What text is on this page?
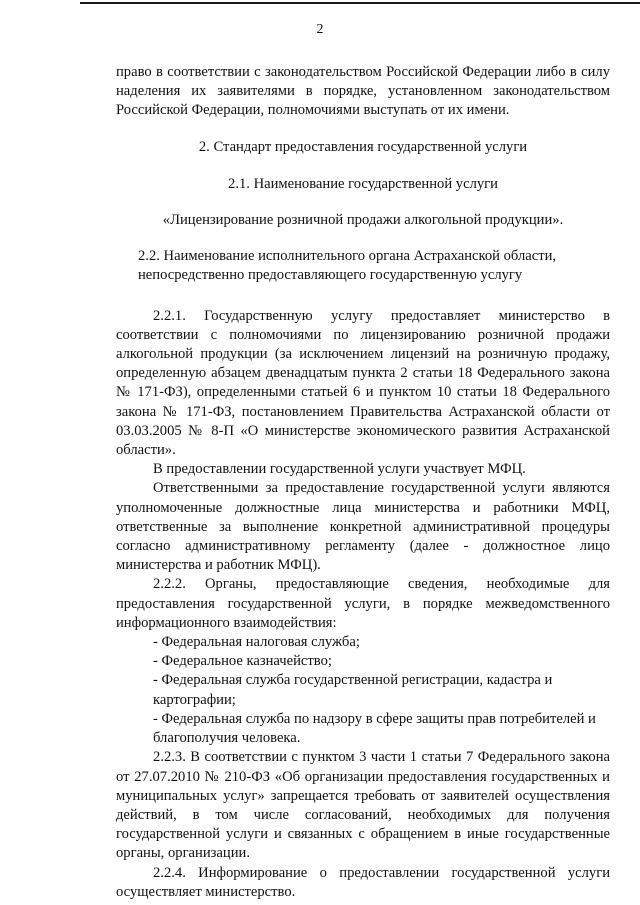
2

право в соответствии с законодательством Российской Федерации либо в силу наделения их заявителями в порядке, установленном законодательством Российской Федерации, полномочиями выступать от их имени.

2. Стандарт предоставления государственной услуги

2.1. Наименование государственной услуги

«Лицензирование розничной продажи алкогольной продукции».

2.2. Наименование исполнительного органа Астраханской области,
непосредственно предоставляющего государственную услугу

2.2.1. Государственную услугу предоставляет министерство в соответствии с полномочиями по лицензированию розничной продажи алкогольной продукции (за исключением лицензий на розничную продажу, определенную абзацем двенадцатым пункта 2 статьи 18 Федерального закона № 171-ФЗ), определенными статьей 6 и пунктом 10 статьи 18 Федерального закона № 171-ФЗ, постановлением Правительства Астраханской области от 03.03.2005 № 8-П «О министерстве экономического развития Астраханской области».

В предоставлении государственной услуги участвует МФЦ.

Ответственными за предоставление государственной услуги являются уполномоченные должностные лица министерства и работники МФЦ, ответственные за выполнение конкретной административной процедуры согласно административному регламенту (далее - должностное лицо министерства и работник МФЦ).

2.2.2. Органы, предоставляющие сведения, необходимые для предоставления государственной услуги, в порядке межведомственного информационного взаимодействия:

- Федеральная налоговая служба;

- Федеральное казначейство;

- Федеральная служба государственной регистрации, кадастра и картографии;

- Федеральная служба по надзору в сфере защиты прав потребителей и благополучия человека.

2.2.3. В соответствии с пунктом 3 части 1 статьи 7 Федерального закона от 27.07.2010 № 210-ФЗ «Об организации предоставления государственных и муниципальных услуг» запрещается требовать от заявителей осуществления действий, в том числе согласований, необходимых для получения государственной услуги и связанных с обращением в иные государственные органы, организации.

2.2.4. Информирование о предоставлении государственной услуги осуществляет министерство.
